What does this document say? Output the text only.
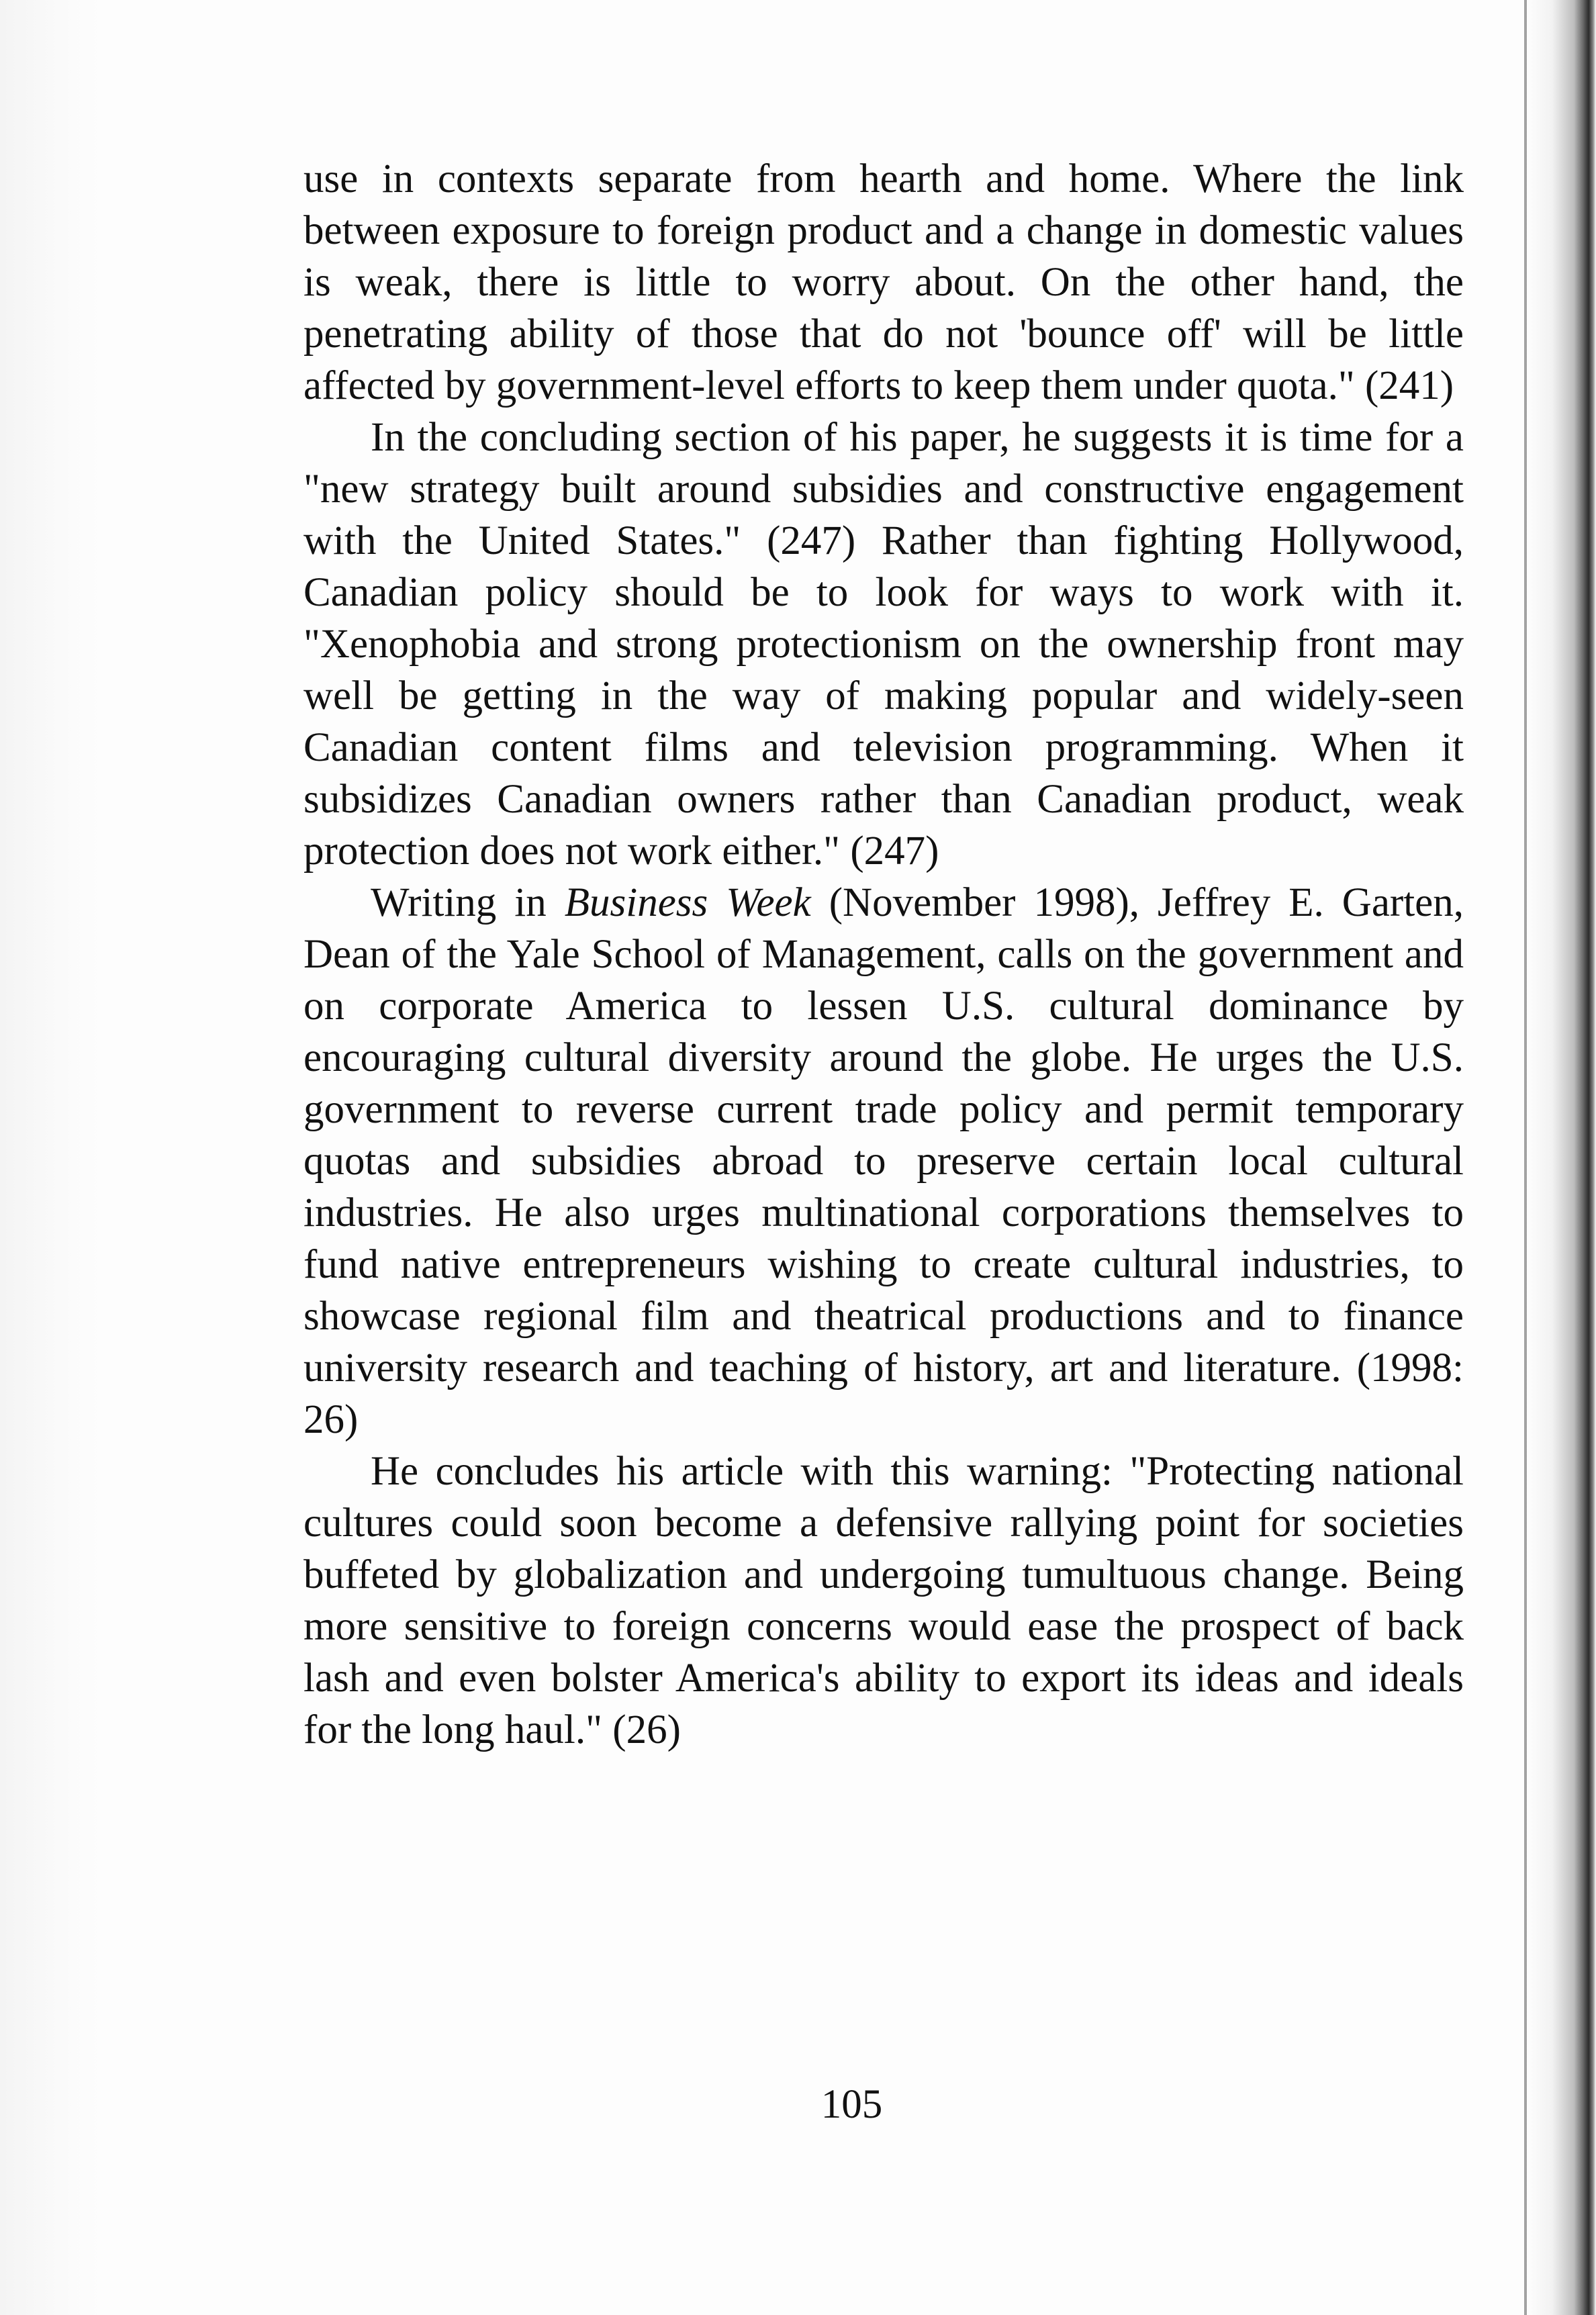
use in contexts separate from hearth and home. Where the link between exposure to foreign product and a change in domestic values is weak, there is little to worry about. On the other hand, the penetrating ability of those that do not 'bounce off' will be little affected by government-level efforts to keep them under quota." (241)

In the concluding section of his paper, he suggests it is time for a "new strategy built around subsidies and constructive engagement with the United States." (247) Rather than fighting Hollywood, Canadian policy should be to look for ways to work with it. "Xenophobia and strong protectionism on the ownership front may well be getting in the way of making popular and widely-seen Canadian content films and television programming. When it subsidizes Canadian owners rather than Canadian product, weak protection does not work either." (247)

Writing in Business Week (November 1998), Jeffrey E. Garten, Dean of the Yale School of Management, calls on the government and on corporate America to lessen U.S. cultural dominance by encouraging cultural diversity around the globe. He urges the U.S. government to reverse current trade policy and permit temporary quotas and subsidies abroad to preserve certain local cultural industries. He also urges multinational corporations themselves to fund native entrepreneurs wishing to create cultural industries, to showcase regional film and theatrical productions and to finance university research and teaching of history, art and literature. (1998: 26)

He concludes his article with this warning: "Protecting national cultures could soon become a defensive rallying point for societies buffeted by globalization and undergoing tumultuous change. Being more sensitive to foreign concerns would ease the prospect of back lash and even bolster America's ability to export its ideas and ideals for the long haul." (26)

105
